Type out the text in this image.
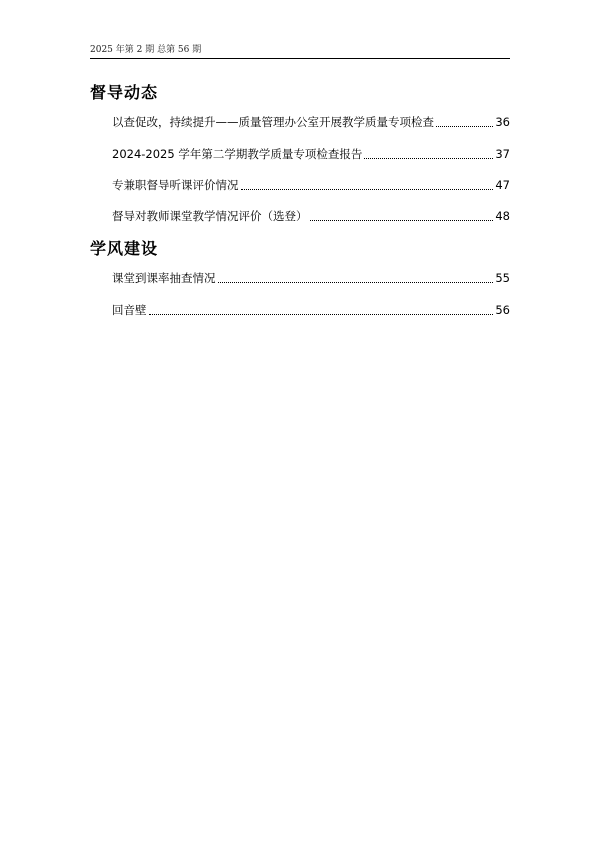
2025 年第 2 期 总第 56 期
督导动态
以查促改，持续提升——质量管理办公室开展教学质量专项检查	36
2024-2025 学年第二学期教学质量专项检查报告	37
专兼职督导听课评价情况	47
督导对教师课堂教学情况评价（选登）	48
学风建设
课堂到课率抽查情况	55
回音壁	56
